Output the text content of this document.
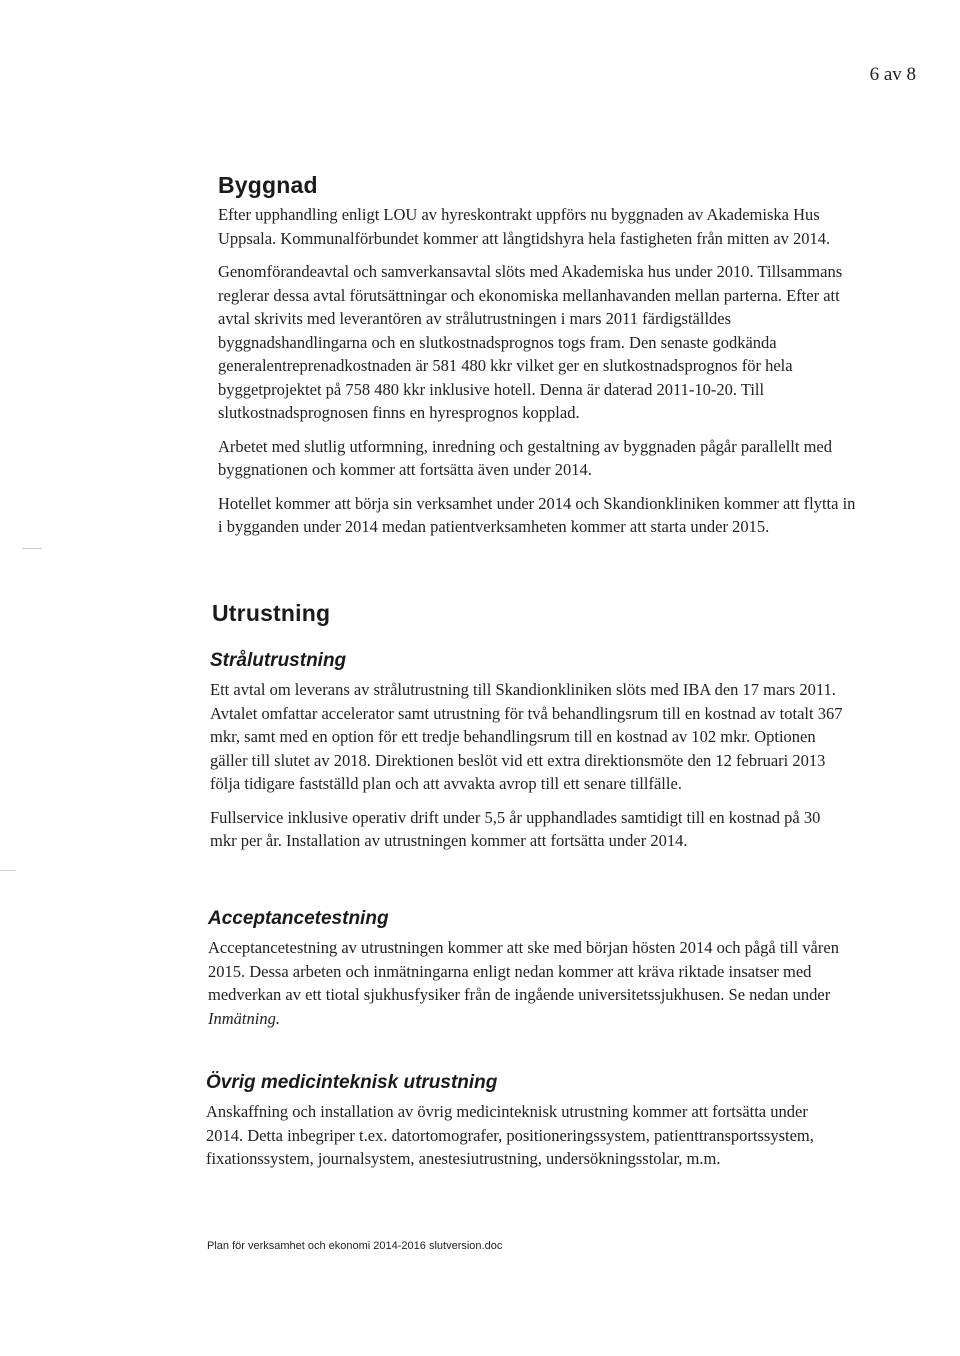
6 av 8
Byggnad

Efter upphandling enligt LOU av hyreskontrakt uppförs nu byggnaden av Akademiska Hus Uppsala. Kommunalförbundet kommer att långtidshyra hela fastigheten från mitten av 2014.

Genomförandeavtal och samverkansavtal slöts med Akademiska hus under 2010. Tillsammans reglerar dessa avtal förutsättningar och ekonomiska mellanhavanden mellan parterna. Efter att avtal skrivits med leverantören av strålutrustningen i mars 2011 färdigställdes byggnadshandlingarna och en slutkostnadsprognos togs fram. Den senaste godkända generalentreprenadkostnaden är 581 480 kkr vilket ger en slutkostnadsprognos för hela byggetprojektet på 758 480 kkr inklusive hotell. Denna är daterad 2011-10-20. Till slutkostnadsprognosen finns en hyresprognos kopplad.

Arbetet med slutlig utformning, inredning och gestaltning av byggnaden pågår parallellt med byggnationen och kommer att fortsätta även under 2014.

Hotellet kommer att börja sin verksamhet under 2014 och Skandionkliniken kommer att flytta in i bygganden under 2014 medan patientverksamheten kommer att starta under 2015.

Utrustning
Strålutrustning

Ett avtal om leverans av strålutrustning till Skandionkliniken slöts med IBA den 17 mars 2011. Avtalet omfattar accelerator samt utrustning för två behandlingsrum till en kostnad av totalt 367 mkr, samt med en option för ett tredje behandlingsrum till en kostnad av 102 mkr. Optionen gäller till slutet av 2018. Direktionen beslöt vid ett extra direktionsmöte den 12 februari 2013 följa tidigare fastställd plan och att avvakta avrop till ett senare tillfälle.

Fullservice inklusive operativ drift under 5,5 år upphandlades samtidigt till en kostnad på 30 mkr per år. Installation av utrustningen kommer att fortsätta under 2014.

Acceptancetestning

Acceptancetestning av utrustningen kommer att ske med början hösten 2014 och pågå till våren 2015. Dessa arbeten och inmätningarna enligt nedan kommer att kräva riktade insatser med medverkan av ett tiotal sjukhusfysiker från de ingående universitetssjukhusen. Se nedan under Inmätning.

Övrig medicinteknisk utrustning

Anskaffning och installation av övrig medicinteknisk utrustning kommer att fortsätta under 2014. Detta inbegriper t.ex. datortomografer, positioneringssystem, patienttransportssystem, fixationssystem, journalsystem, anestesiutrustning, undersökningsstolar, m.m.

Plan för verksamhet och ekonomi 2014-2016 slutversion.doc
